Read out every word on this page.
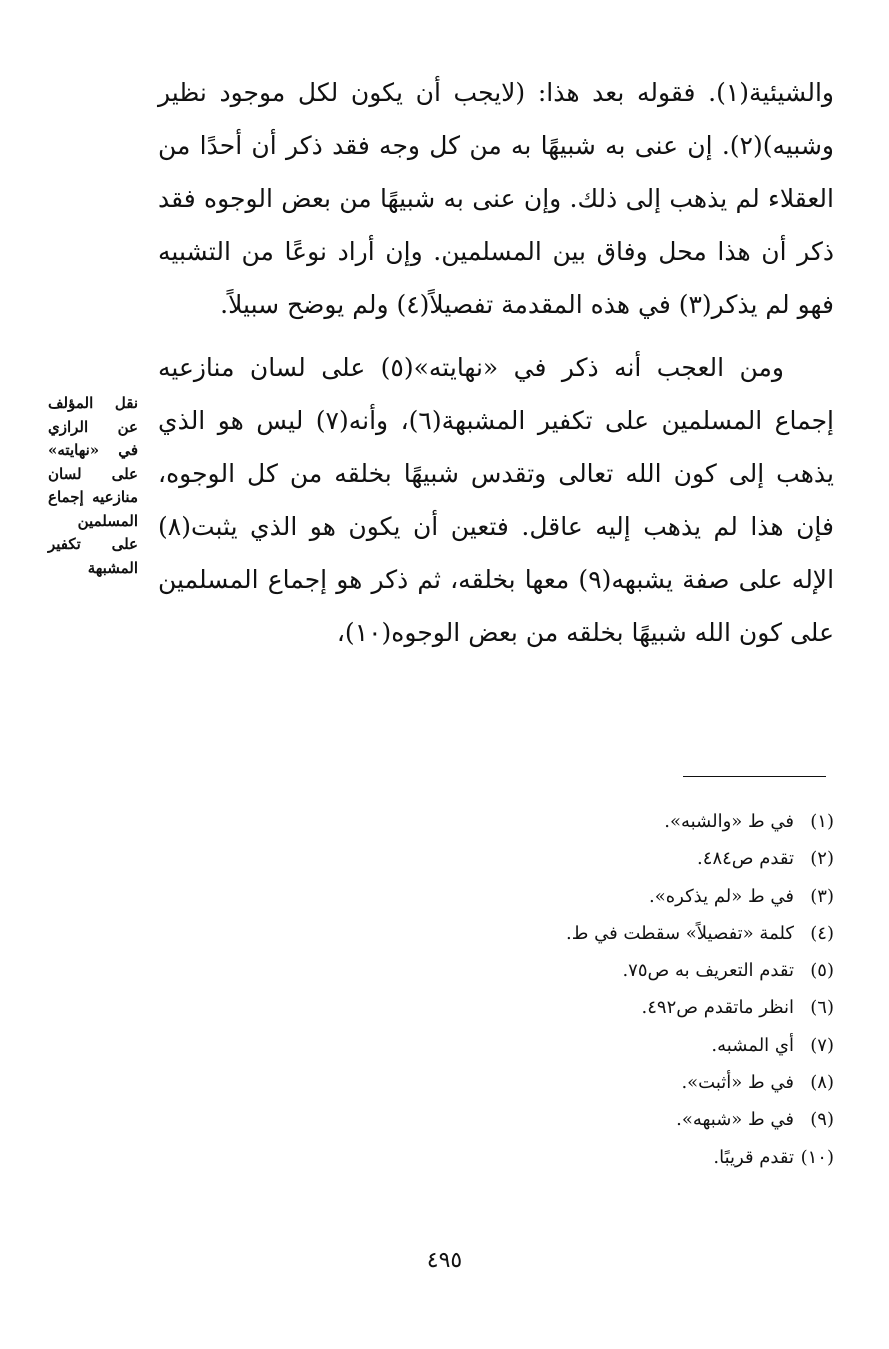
والشيئية(١). فقوله بعد هذا: (لايجب أن يكون لكل موجود نظير وشبيه)(٢). إن عنى به شبيهًا به من كل وجه فقد ذكر أن أحدًا من العقلاء لم يذهب إلى ذلك. وإن عنى به شبيهًا من بعض الوجوه فقد ذكر أن هذا محل وفاق بين المسلمين. وإن أراد نوعًا من التشبيه فهو لم يذكر(٣) في هذه المقدمة تفصيلاً(٤) ولم يوضح سبيلاً.

ومن العجب أنه ذكر في «نهايته»(٥) على لسان منازعيه إجماع المسلمين على تكفير المشبهة(٦)، وأنه(٧) ليس هو الذي يذهب إلى كون الله تعالى وتقدس شبيهًا بخلقه من كل الوجوه، فإن هذا لم يذهب إليه عاقل. فتعين أن يكون هو الذي يثبت(٨) الإله على صفة يشبهه(٩) معها بخلقه، ثم ذكر هو إجماع المسلمين على كون الله شبيهًا بخلقه من بعض الوجوه(١٠)،

نقل المؤلف عن الرازي في «نهايته» على لسان منازعيه إجماع المسلمين على تكفير المشبهة
(١)
في ط «والشبه».
(٢)
تقدم ص٤٨٤.
(٣)
في ط «لم يذكره».
(٤)
كلمة «تفصيلاً» سقطت في ط.
(٥)
تقدم التعريف به ص٧٥.
(٦)
انظر ماتقدم ص٤٩٢.
(٧)
أي المشبه.
(٨)
في ط «أثبت».
(٩)
في ط «شبهه».
(١٠)
تقدم قريبًا.
٤٩٥
